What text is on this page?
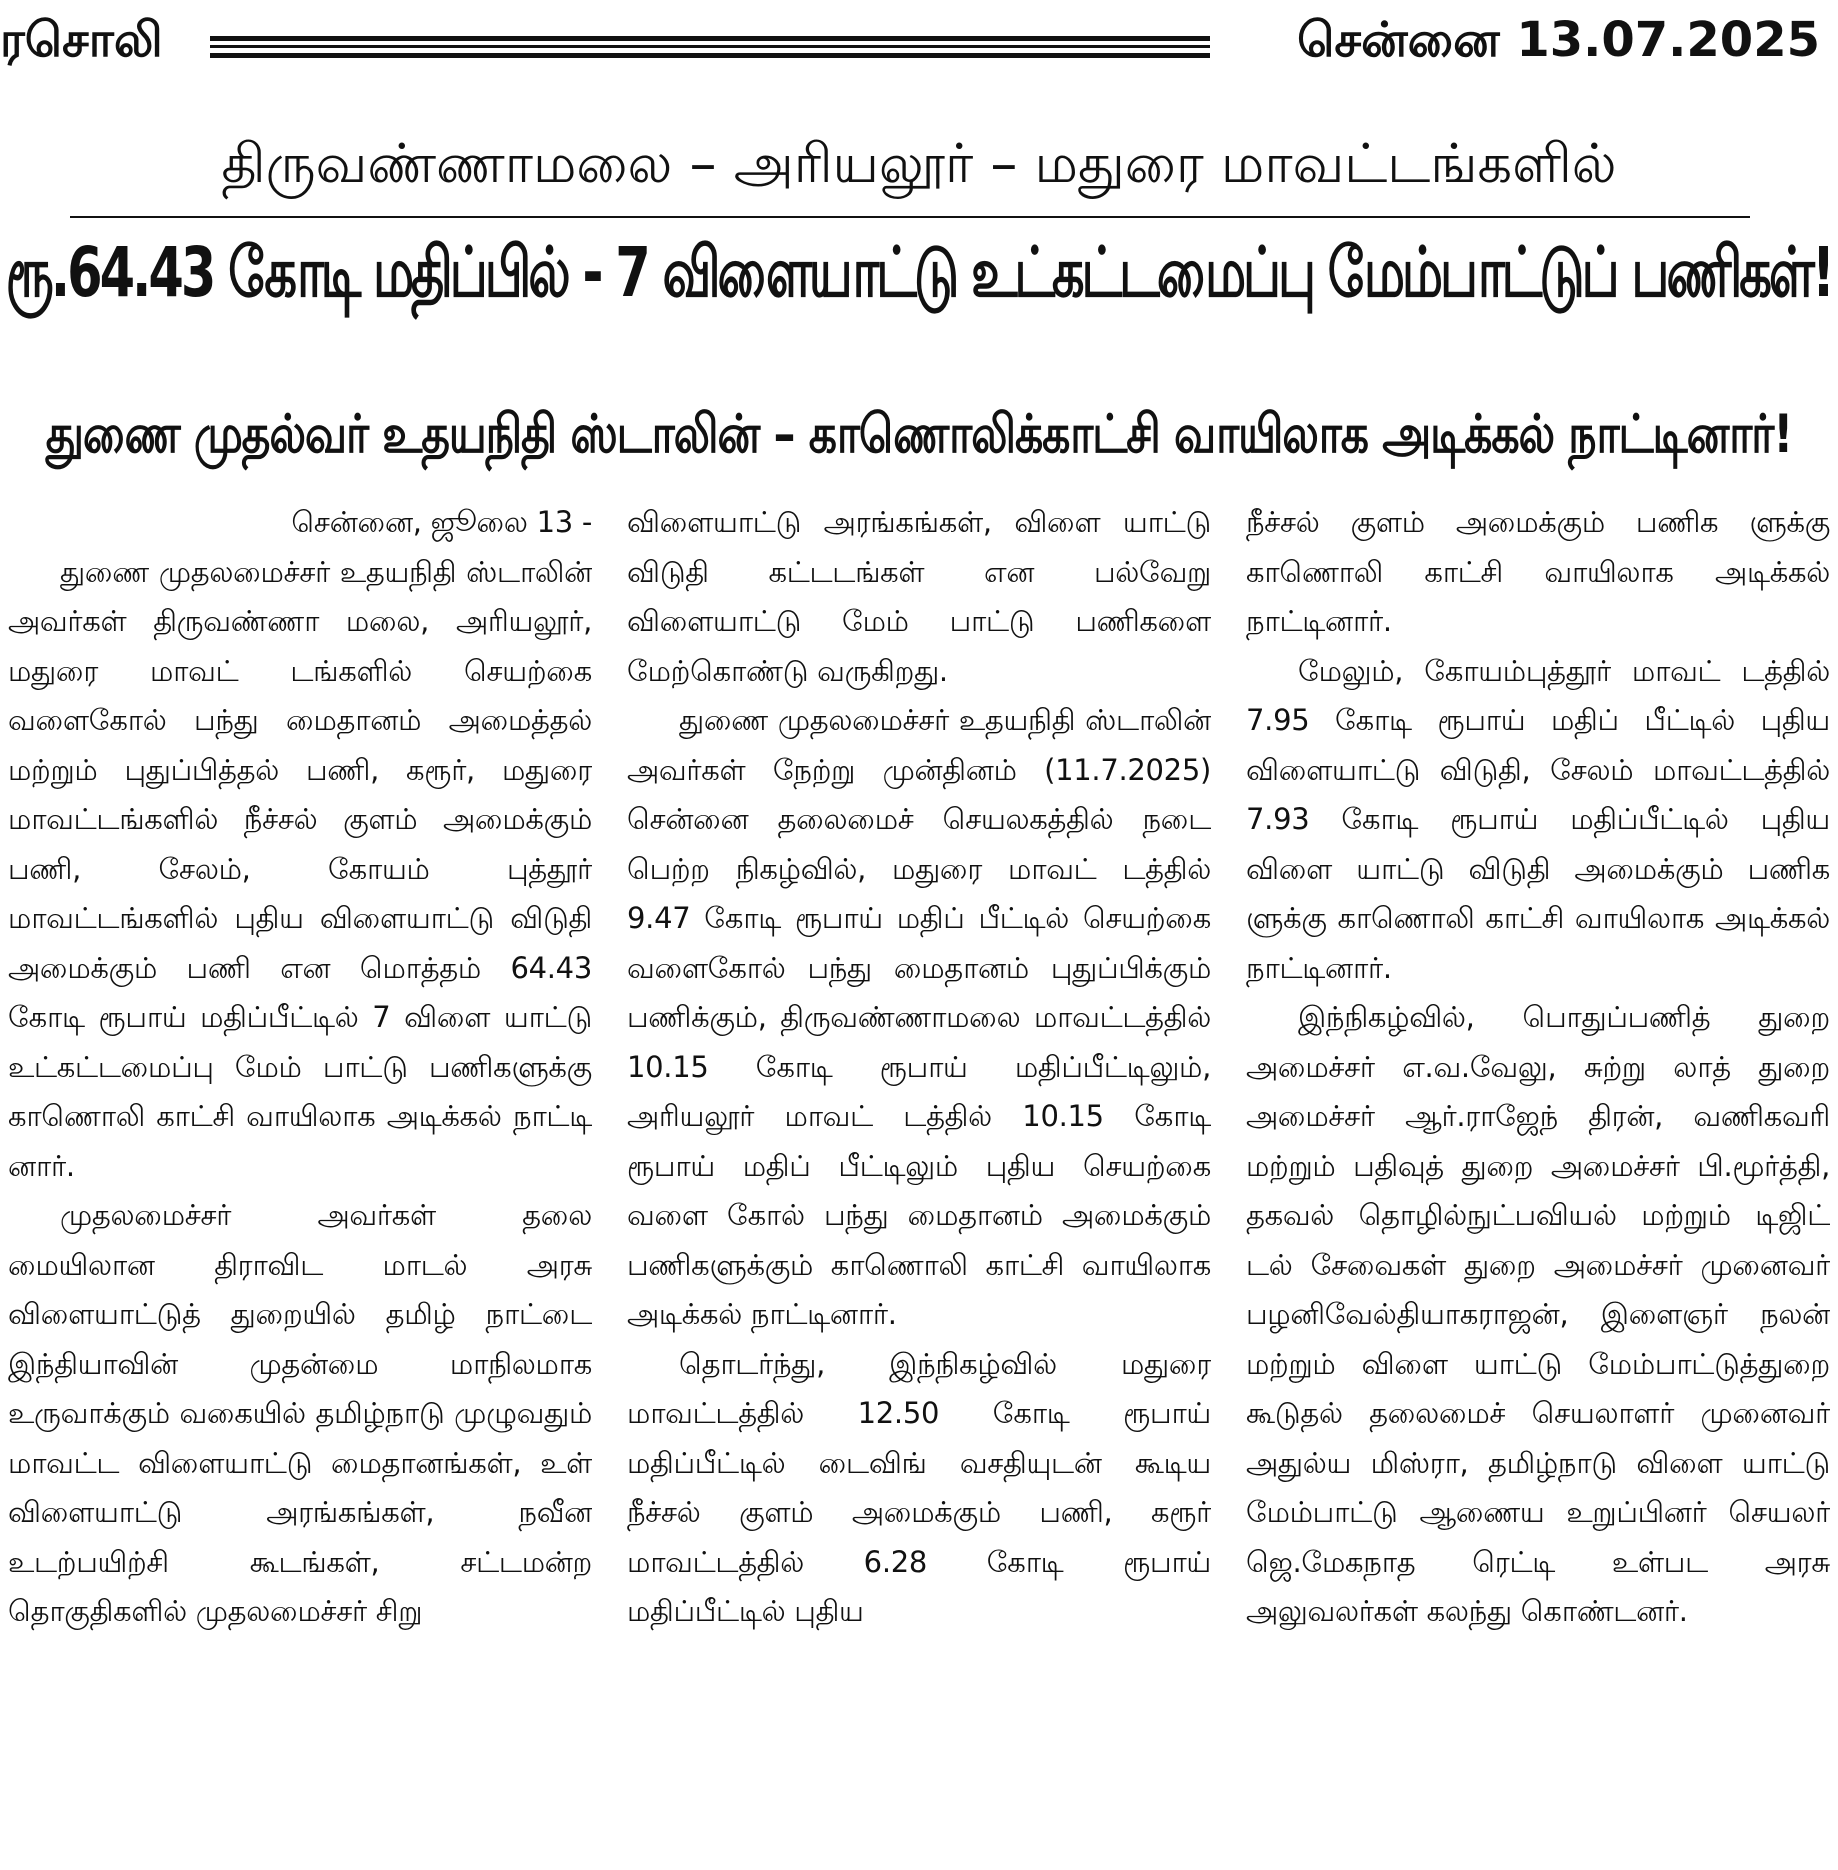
ரசொலி	சென்னை 13.07.2025
திருவண்ணாமலை – அரியலூர் – மதுரை மாவட்டங்களில்
ரூ.64.43 கோடி மதிப்பில் - 7 விளையாட்டு உட்கட்டமைப்பு மேம்பாட்டுப் பணிகள்!
துணை முதல்வர் உதயநிதி ஸ்டாலின் – காணொலிக்காட்சி வாயிலாக அடிக்கல் நாட்டினார்!

சென்னை, ஜூலை 13 -

துணை முதலமைச்சர் உதயநிதி ஸ்டாலின் அவர்கள் திருவண்ணா மலை, அரியலூர், மதுரை மாவட் டங்களில் செயற்கை வளைகோல் பந்து மைதானம் அமைத்தல் மற்றும் புதுப்பித்தல் பணி, கரூர், மதுரை மாவட்டங்களில் நீச்சல் குளம் அமைக்கும் பணி, சேலம், கோயம் புத்தூர் மாவட்டங்களில் புதிய விளையாட்டு விடுதி அமைக்கும் பணி என மொத்தம் 64.43 கோடி ரூபாய் மதிப்பீட்டில் 7 விளை யாட்டு உட்கட்டமைப்பு மேம் பாட்டு பணிகளுக்கு காணொலி காட்சி வாயிலாக அடிக்கல் நாட்டி னார்.

முதலமைச்சர் அவர்கள் தலை மையிலான திராவிட மாடல் அரசு விளையாட்டுத் துறையில் தமிழ் நாட்டை இந்தியாவின் முதன்மை மாநிலமாக உருவாக்கும் வகையில் தமிழ்நாடு முழுவதும் மாவட்ட விளையாட்டு மைதானங்கள், உள் விளையாட்டு அரங்கங்கள், நவீன உடற்பயிற்சி கூடங்கள், சட்டமன்ற தொகுதிகளில் முதலமைச்சர் சிறு

விளையாட்டு அரங்கங்கள், விளை யாட்டு விடுதி கட்டடங்கள் என பல்வேறு விளையாட்டு மேம் பாட்டு பணிகளை மேற்கொண்டு வருகிறது.

துணை முதலமைச்சர் உதயநிதி ஸ்டாலின் அவர்கள் நேற்று முன்தினம் (11.7.2025) சென்னை தலைமைச் செயலகத்தில் நடை பெற்ற நிகழ்வில், மதுரை மாவட் டத்தில் 9.47 கோடி ரூபாய் மதிப் பீட்டில் செயற்கை வளைகோல் பந்து மைதானம் புதுப்பிக்கும் பணிக்கும், திருவண்ணாமலை மாவட்டத்தில் 10.15 கோடி ரூபாய் மதிப்பீட்டிலும், அரியலூர் மாவட் டத்தில் 10.15 கோடி ரூபாய் மதிப் பீட்டிலும் புதிய செயற்கை வளை கோல் பந்து மைதானம் அமைக்கும் பணிகளுக்கும் காணொலி காட்சி வாயிலாக அடிக்கல் நாட்டினார்.

தொடர்ந்து, இந்நிகழ்வில் மதுரை மாவட்டத்தில் 12.50 கோடி ரூபாய் மதிப்பீட்டில் டைவிங் வசதியுடன் கூடிய நீச்சல் குளம் அமைக்கும் பணி, கரூர் மாவட்டத்தில் 6.28 கோடி ரூபாய் மதிப்பீட்டில் புதிய

நீச்சல் குளம் அமைக்கும் பணிக ளுக்கு காணொலி காட்சி வாயிலாக அடிக்கல் நாட்டினார்.

மேலும், கோயம்புத்தூர் மாவட் டத்தில் 7.95 கோடி ரூபாய் மதிப் பீட்டில் புதிய விளையாட்டு விடுதி, சேலம் மாவட்டத்தில் 7.93 கோடி ரூபாய் மதிப்பீட்டில் புதிய விளை யாட்டு விடுதி அமைக்கும் பணிக ளுக்கு காணொலி காட்சி வாயிலாக அடிக்கல் நாட்டினார்.

இந்நிகழ்வில், பொதுப்பணித் துறை அமைச்சர் எ.வ.வேலு, சுற்று லாத் துறை அமைச்சர் ஆர்.ராஜேந் திரன், வணிகவரி மற்றும் பதிவுத் துறை அமைச்சர் பி.மூர்த்தி, தகவல் தொழில்நுட்பவியல் மற்றும் டிஜிட் டல் சேவைகள் துறை அமைச்சர் முனைவர் பழனிவேல்தியாகராஜன், இளைஞர் நலன் மற்றும் விளை யாட்டு மேம்பாட்டுத்துறை கூடுதல் தலைமைச் செயலாளர் முனைவர் அதுல்ய மிஸ்ரா, தமிழ்நாடு விளை யாட்டு மேம்பாட்டு ஆணைய உறுப்பினர் செயலர் ஜெ.மேகநாத ரெட்டி உள்பட அரசு அலுவலர்கள் கலந்து கொண்டனர்.
